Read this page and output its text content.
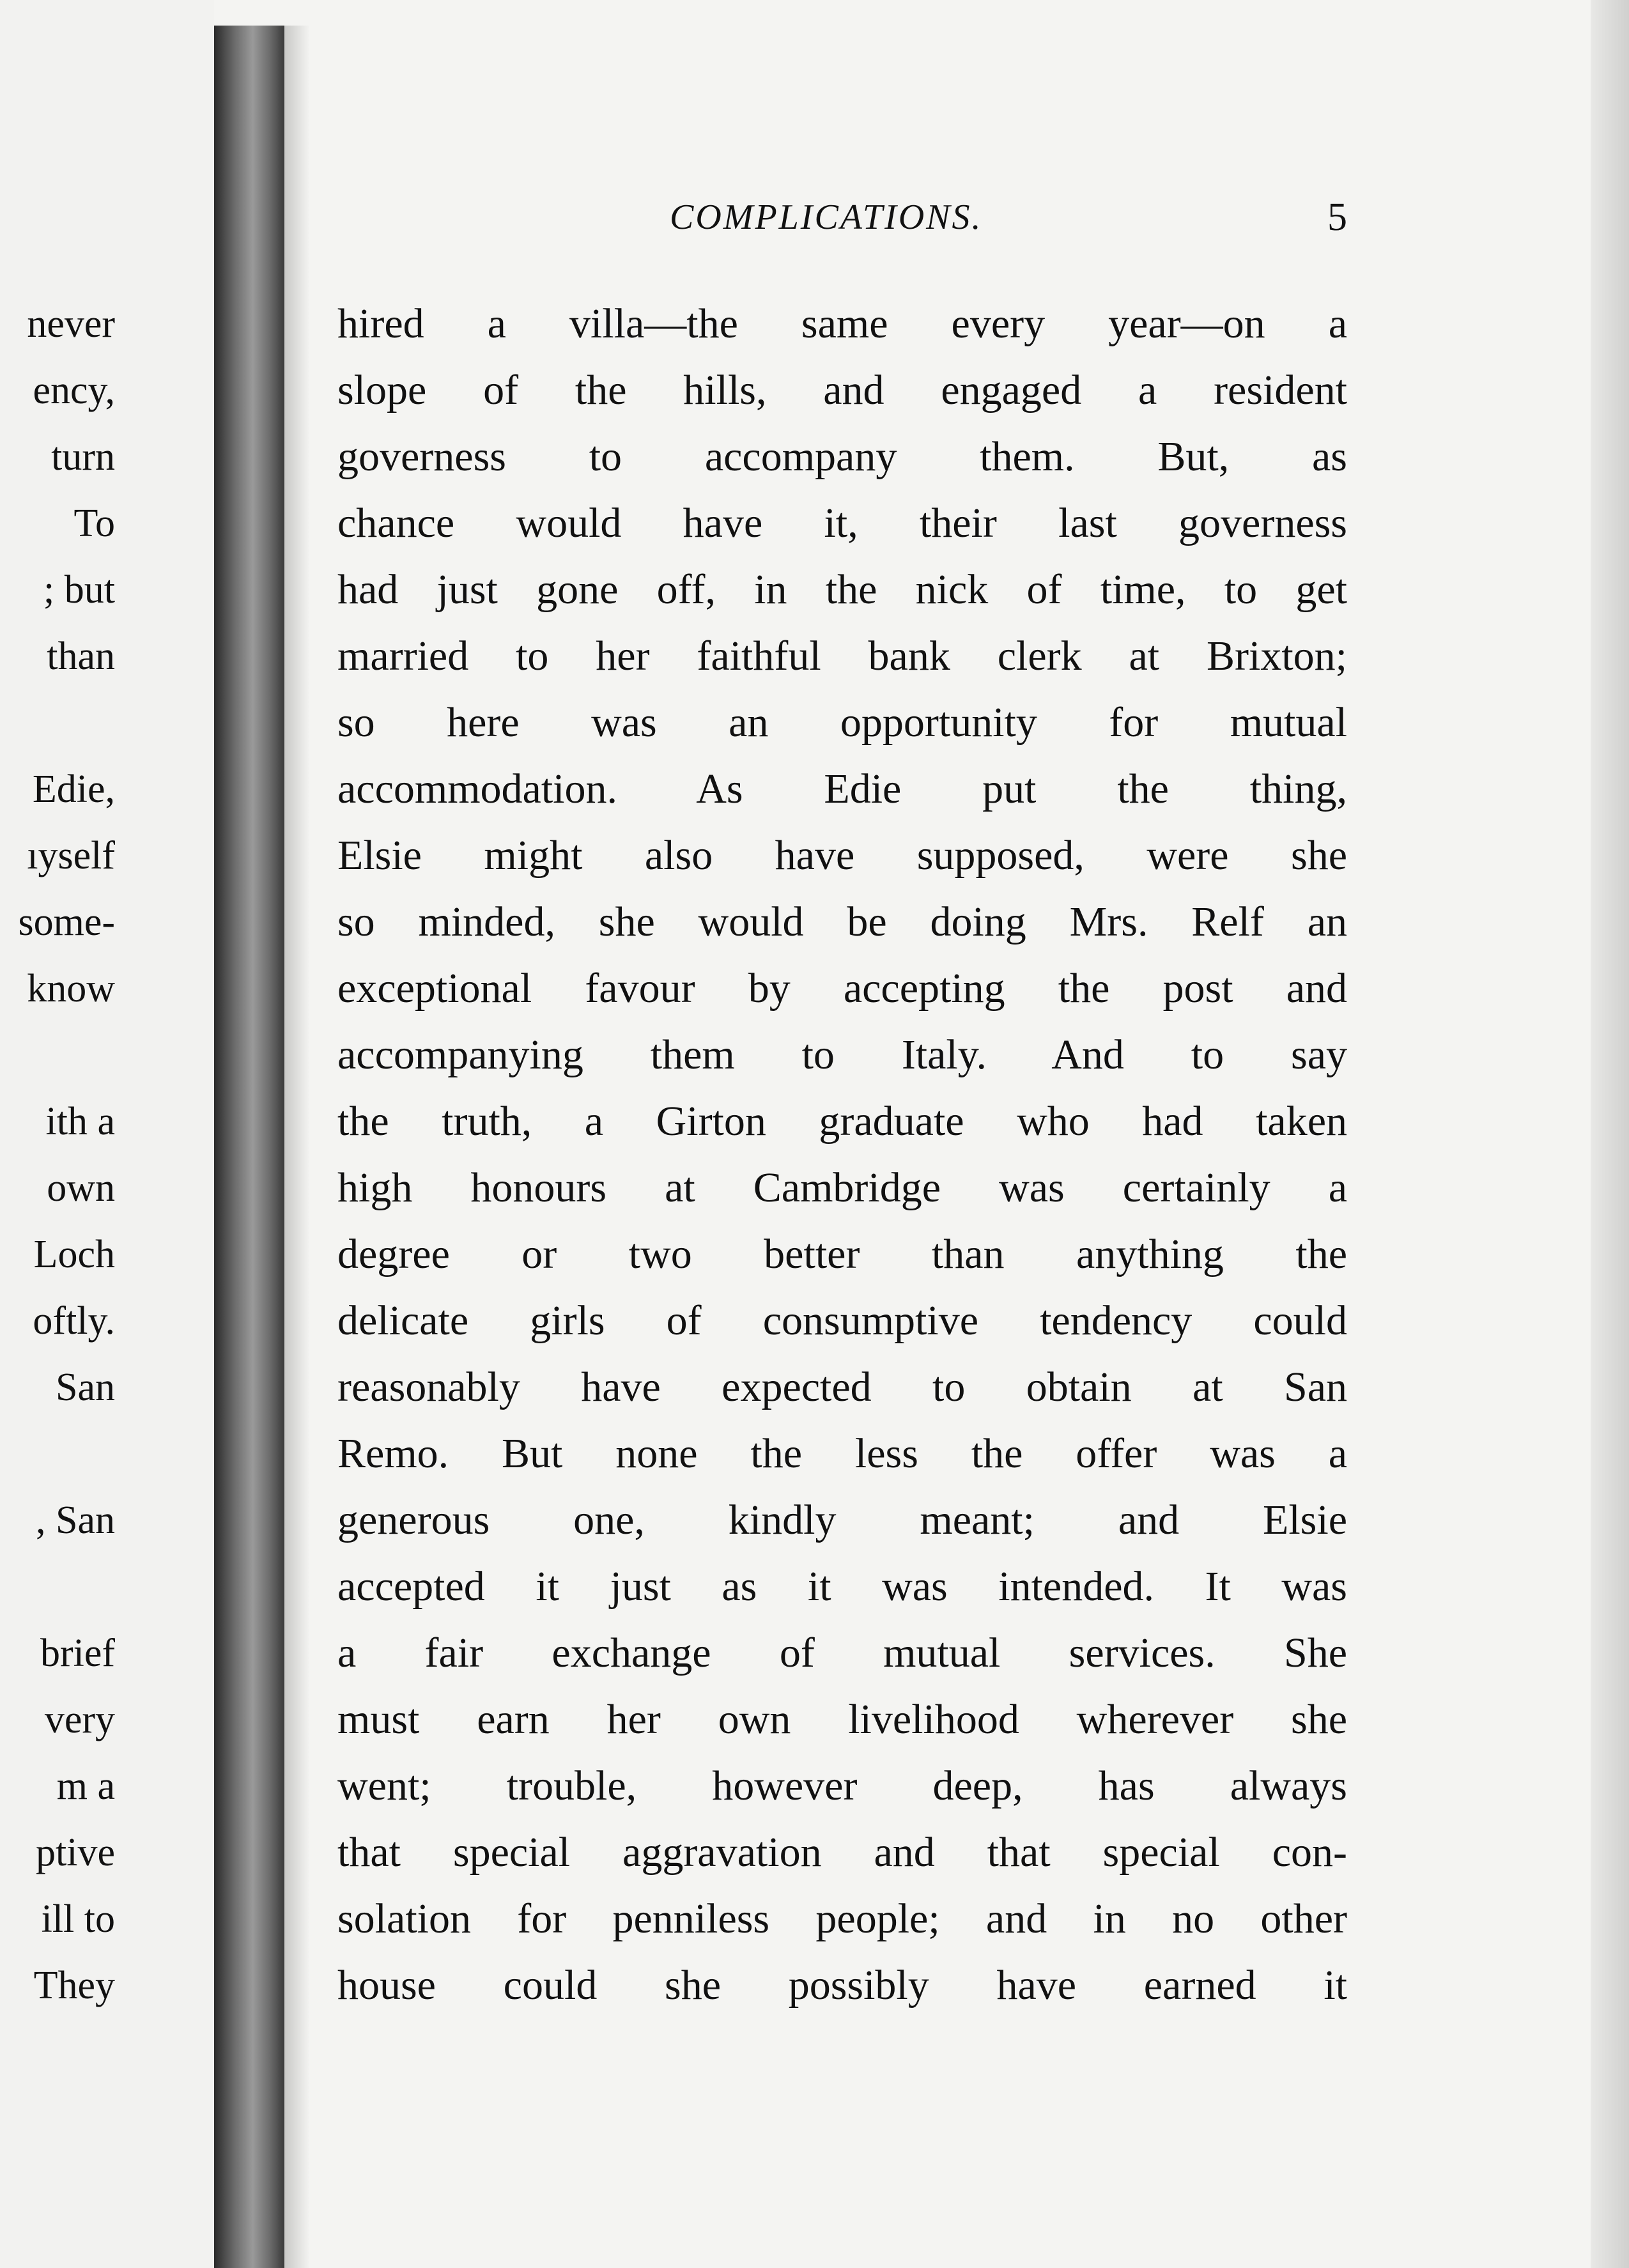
never
ency,
turn
To
; but
than
Edie,
ıyself
some-
know
ith a
own
Loch
oftly.
San
, San
brief
very
m a
ptive
ill to
They
COMPLICATIONS.	5
hired a villa—the same every year—on a
slope of the hills, and engaged a resident
governess to accompany them. But, as
chance would have it, their last governess
had just gone off, in the nick of time, to get
married to her faithful bank clerk at Brixton;
so here was an opportunity for mutual
accommodation. As Edie put the thing,
Elsie might also have supposed, were she
so minded, she would be doing Mrs. Relf an
exceptional favour by accepting the post and
accompanying them to Italy. And to say
the truth, a Girton graduate who had taken
high honours at Cambridge was certainly a
degree or two better than anything the
delicate girls of consumptive tendency could
reasonably have expected to obtain at San
Remo. But none the less the offer was a
generous one, kindly meant; and Elsie
accepted it just as it was intended. It was
a fair exchange of mutual services. She
must earn her own livelihood wherever she
went; trouble, however deep, has always
that special aggravation and that special con-
solation for penniless people; and in no other
house could she possibly have earned it
